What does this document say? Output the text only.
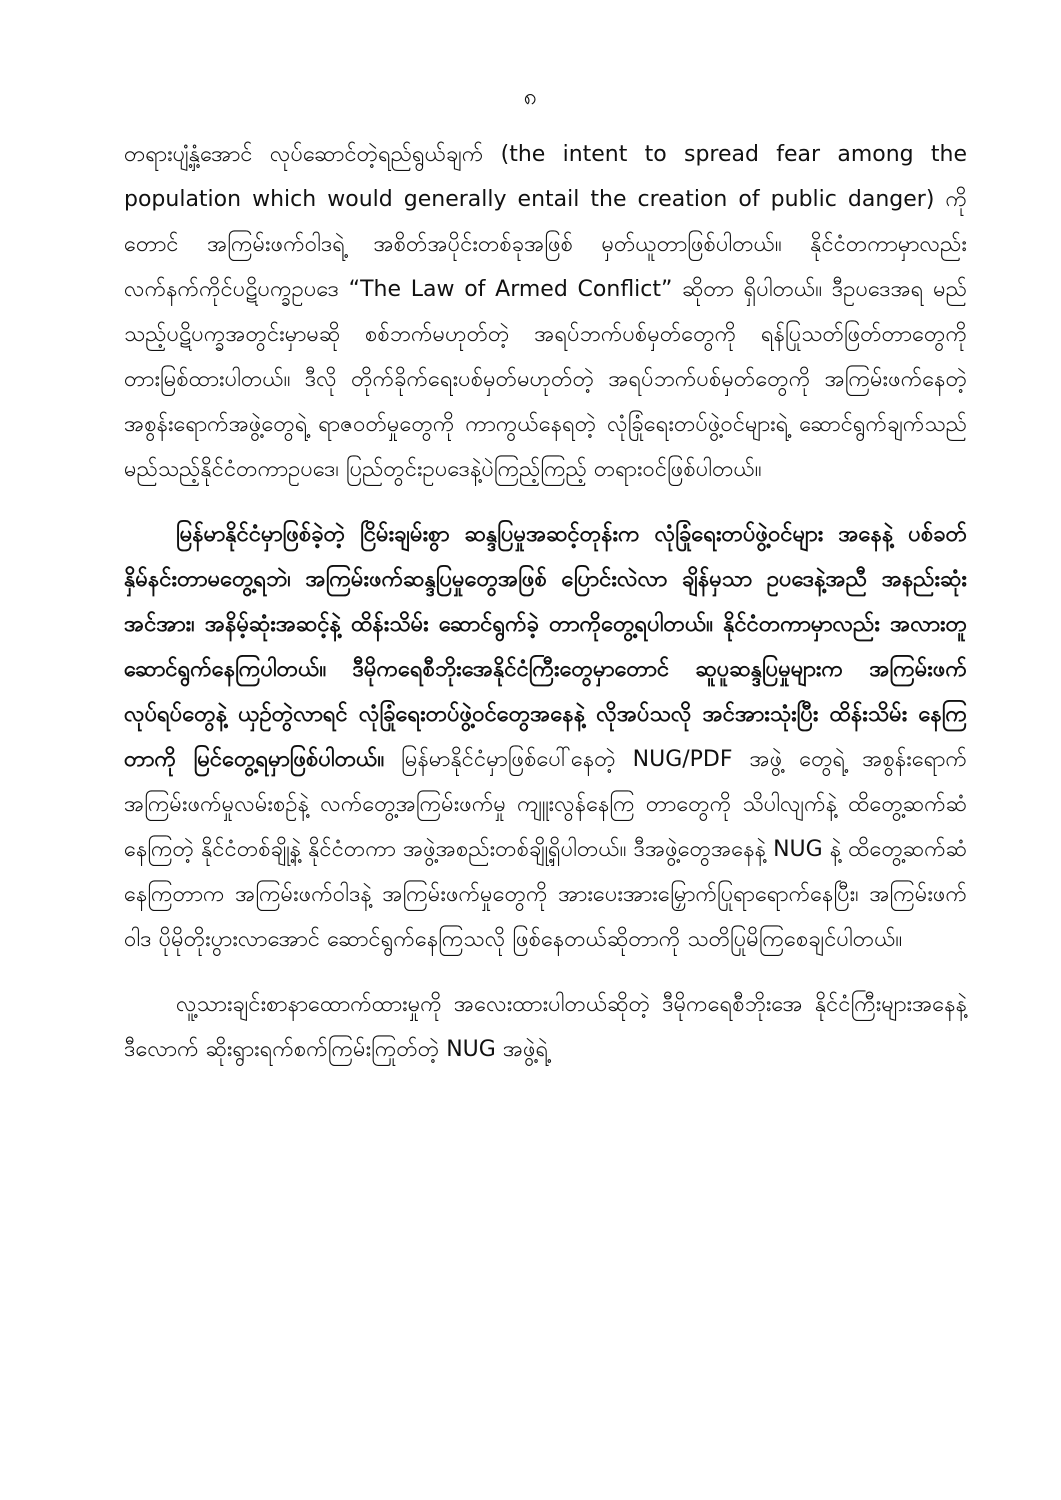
၈

တရားပျံ့နှံ့အောင် လုပ်ဆောင်တဲ့ရည်ရွယ်ချက် (the intent to spread fear among the population which would generally entail the creation of public danger) ကိုတောင် အကြမ်းဖက်ဝါဒရဲ့ အစိတ်အပိုင်းတစ်ခုအဖြစ် မှတ်ယူတာဖြစ်ပါတယ်။ နိုင်ငံတကာမှာလည်း လက်နက်ကိုင်ပဋိပက္ခဥပဒေ “The Law of Armed Conflict” ဆိုတာ ရှိပါတယ်။ ဒီဥပဒေအရ မည်သည့်ပဋိပက္ခအတွင်းမှာမဆို စစ်ဘက်မဟုတ်တဲ့ အရပ်ဘက်ပစ်မှတ်တွေကို ရန်ပြုသတ်ဖြတ်တာတွေကို တားမြစ်ထားပါတယ်။ ဒီလို တိုက်ခိုက်ရေးပစ်မှတ်မဟုတ်တဲ့ အရပ်ဘက်ပစ်မှတ်တွေကို အကြမ်းဖက်နေတဲ့ အစွန်းရောက်အဖွဲ့တွေရဲ့ ရာဇဝတ်မှုတွေကို ကာကွယ်နေရတဲ့ လုံခြုံရေးတပ်ဖွဲ့ဝင်များရဲ့ ဆောင်ရွက်ချက်သည် မည်သည့်နိုင်ငံတကာဥပဒေ၊ ပြည်တွင်းဥပဒေနဲ့ပဲကြည့်ကြည့် တရားဝင်ဖြစ်ပါတယ်။

မြန်မာနိုင်ငံမှာဖြစ်ခဲ့တဲ့ ငြိမ်းချမ်းစွာ ဆန္ဒပြမှုအဆင့်တုန်းက လုံခြုံရေးတပ်ဖွဲ့ဝင်များ အနေနဲ့ ပစ်ခတ်နှိမ်နင်းတာမတွေ့ရဘဲ၊ အကြမ်းဖက်ဆန္ဒပြမှုတွေအဖြစ် ပြောင်းလဲလာ ချိန်မှသာ ဥပဒေနဲ့အညီ အနည်းဆုံးအင်အား၊ အနိမ့်ဆုံးအဆင့်နဲ့ ထိန်းသိမ်း ဆောင်ရွက်ခဲ့ တာကိုတွေ့ရပါတယ်။ နိုင်ငံတကာမှာလည်း အလားတူ ဆောင်ရွက်နေကြပါတယ်။ ဒီမိုကရေစီဘိုးအေနိုင်ငံကြီးတွေမှာတောင် ဆူပူဆန္ဒပြမှုများက အကြမ်းဖက်လုပ်ရပ်တွေနဲ့ ယှဉ်တွဲလာရင် လုံခြုံရေးတပ်ဖွဲ့ဝင်တွေအနေနဲ့ လိုအပ်သလို အင်အားသုံးပြီး ထိန်းသိမ်း နေကြတာကို မြင်တွေ့ရမှာဖြစ်ပါတယ်။ မြန်မာနိုင်ငံမှာဖြစ်ပေါ်နေတဲ့ NUG/PDF အဖွဲ့ တွေရဲ့ အစွန်းရောက်အကြမ်းဖက်မှုလမ်းစဉ်နဲ့ လက်တွေ့အကြမ်းဖက်မှု ကျူးလွန်နေကြ တာတွေကို သိပါလျက်နဲ့ ထိတွေ့ဆက်ဆံနေကြတဲ့ နိုင်ငံတစ်ချို့နဲ့ နိုင်ငံတကာ အဖွဲ့အစည်းတစ်ချို့ရှိပါတယ်။ ဒီအဖွဲ့တွေအနေနဲ့ NUG နဲ့ ထိတွေ့ဆက်ဆံနေကြတာက အကြမ်းဖက်ဝါဒနဲ့ အကြမ်းဖက်မှုတွေကို အားပေးအားမြှောက်ပြုရာရောက်နေပြီး၊ အကြမ်းဖက်ဝါဒ ပိုမိုတိုးပွားလာအောင် ဆောင်ရွက်နေကြသလို ဖြစ်နေတယ်ဆိုတာကို သတိပြုမိကြစေချင်ပါတယ်။

လူ့သားချင်းစာနာထောက်ထားမှုကို အလေးထားပါတယ်ဆိုတဲ့ ဒီမိုကရေစီဘိုးအေ နိုင်ငံကြီးများအနေနဲ့ ဒီလောက် ဆိုးရွားရက်စက်ကြမ်းကြုတ်တဲ့ NUG အဖွဲ့ရဲ့
